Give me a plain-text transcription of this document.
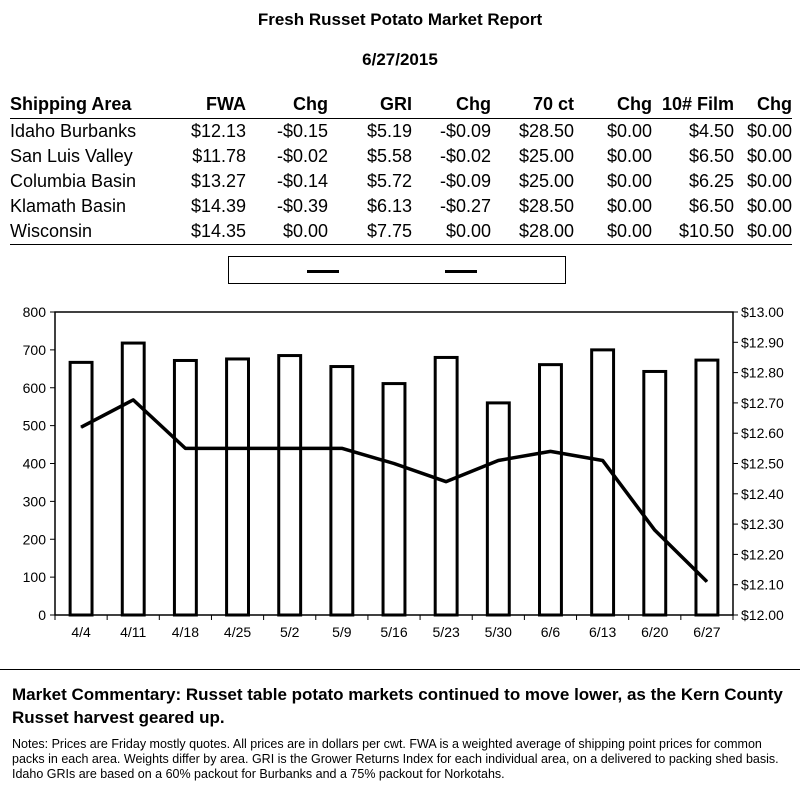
Fresh Russet Potato Market Report
6/27/2015
Shipping Area	FWA	Chg	GRI	Chg	70 ct	Chg	10# Film	Chg
Idaho Burbanks	$12.13	-$0.15	$5.19	-$0.09	$28.50	$0.00	$4.50	$0.00
San Luis Valley	$11.78	-$0.02	$5.58	-$0.02	$25.00	$0.00	$6.50	$0.00
Columbia Basin	$13.27	-$0.14	$5.72	-$0.09	$25.00	$0.00	$6.25	$0.00
Klamath Basin	$14.39	-$0.39	$6.13	-$0.27	$28.50	$0.00	$6.50	$0.00
Wisconsin	$14.35	$0.00	$7.75	$0.00	$28.00	$0.00	$10.50	$0.00
0
100
200
300
400
500
600
700
800
$12.00
$12.10
$12.20
$12.30
$12.40
$12.50
$12.60
$12.70
$12.80
$12.90
$13.00
4/4 4/11 4/18 4/25 5/2 5/9 5/16 5/23 5/30 6/6 6/13 6/20 6/27
Market Commentary: Russet table potato markets continued to move lower, as the Kern County Russet harvest geared up.
Notes: Prices are Friday mostly quotes. All prices are in dollars per cwt. FWA is a weighted average of shipping point prices for common packs in each area. Weights differ by area. GRI is the Grower Returns Index for each individual area, on a delivered to packing shed basis. Idaho GRIs are based on a 60% packout for Burbanks and a 75% packout for Norkotahs.
